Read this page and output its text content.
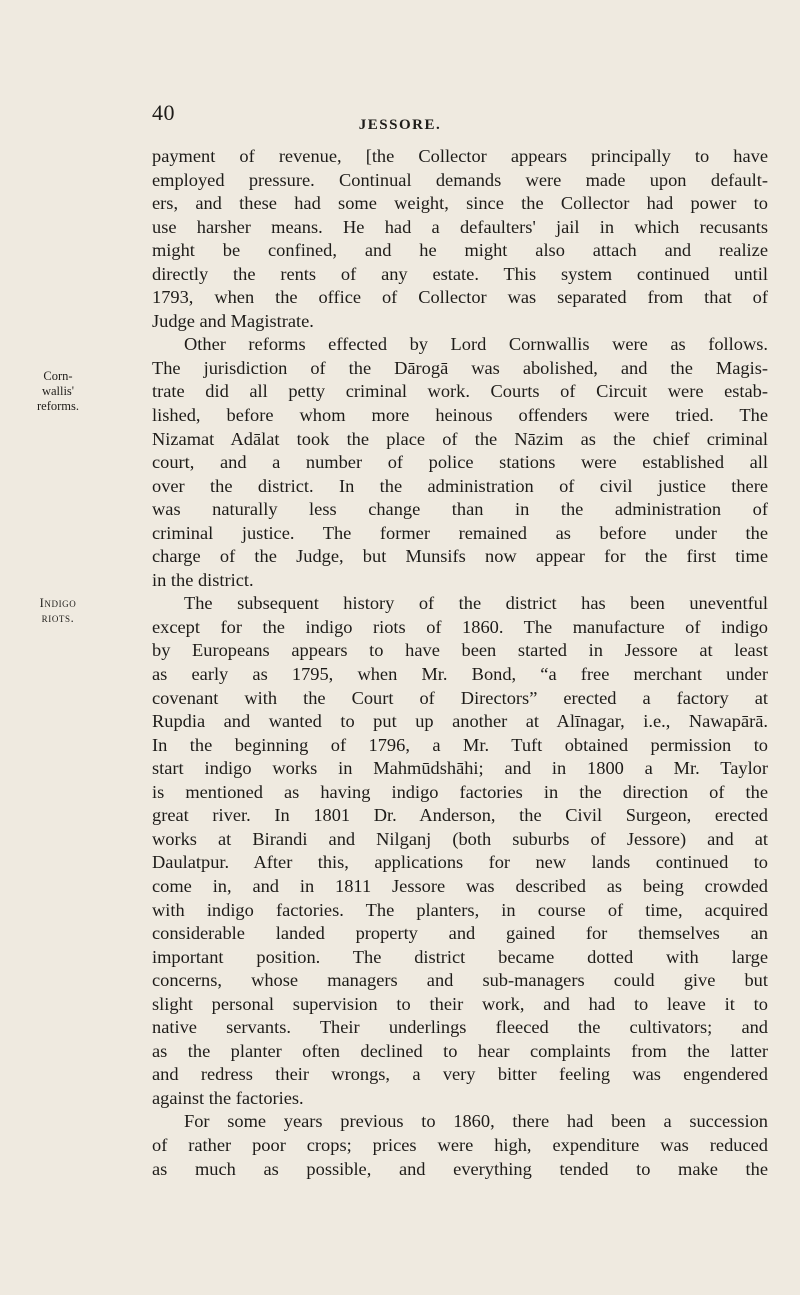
40	JESSORE.
Corn-
wallis'
reforms.
Indigo
riots.
payment of revenue, [the Collector appears principally to have
employed pressure. Continual demands were made upon default-
ers, and these had some weight, since the Collector had power to
use harsher means. He had a defaulters' jail in which recusants
might be confined, and he might also attach and realize
directly the rents of any estate. This system continued until
1793, when the office of Collector was separated from that of
Judge and Magistrate.
Other reforms effected by Lord Cornwallis were as follows.
The jurisdiction of the Dārogā was abolished, and the Magis-
trate did all petty criminal work. Courts of Circuit were estab-
lished, before whom more heinous offenders were tried. The
Nizamat Adālat took the place of the Nāzim as the chief criminal
court, and a number of police stations were established all
over the district. In the administration of civil justice there
was naturally less change than in the administration of
criminal justice. The former remained as before under the
charge of the Judge, but Munsifs now appear for the first time
in the district.
The subsequent history of the district has been uneventful
except for the indigo riots of 1860. The manufacture of indigo
by Europeans appears to have been started in Jessore at least
as early as 1795, when Mr. Bond, “a free merchant under
covenant with the Court of Directors” erected a factory at
Rupdia and wanted to put up another at Alīnagar, i.e., Nawapārā.
In the beginning of 1796, a Mr. Tuft obtained permission to
start indigo works in Mahmūdshāhi; and in 1800 a Mr. Taylor
is mentioned as having indigo factories in the direction of the
great river. In 1801 Dr. Anderson, the Civil Surgeon, erected
works at Birandi and Nilganj (both suburbs of Jessore) and at
Daulatpur. After this, applications for new lands continued to
come in, and in 1811 Jessore was described as being crowded
with indigo factories. The planters, in course of time, acquired
considerable landed property and gained for themselves an
important position. The district became dotted with large
concerns, whose managers and sub-managers could give but
slight personal supervision to their work, and had to leave it to
native servants. Their underlings fleeced the cultivators; and
as the planter often declined to hear complaints from the latter
and redress their wrongs, a very bitter feeling was engendered
against the factories.
For some years previous to 1860, there had been a succession
of rather poor crops; prices were high, expenditure was reduced
as much as possible, and everything tended to make the
